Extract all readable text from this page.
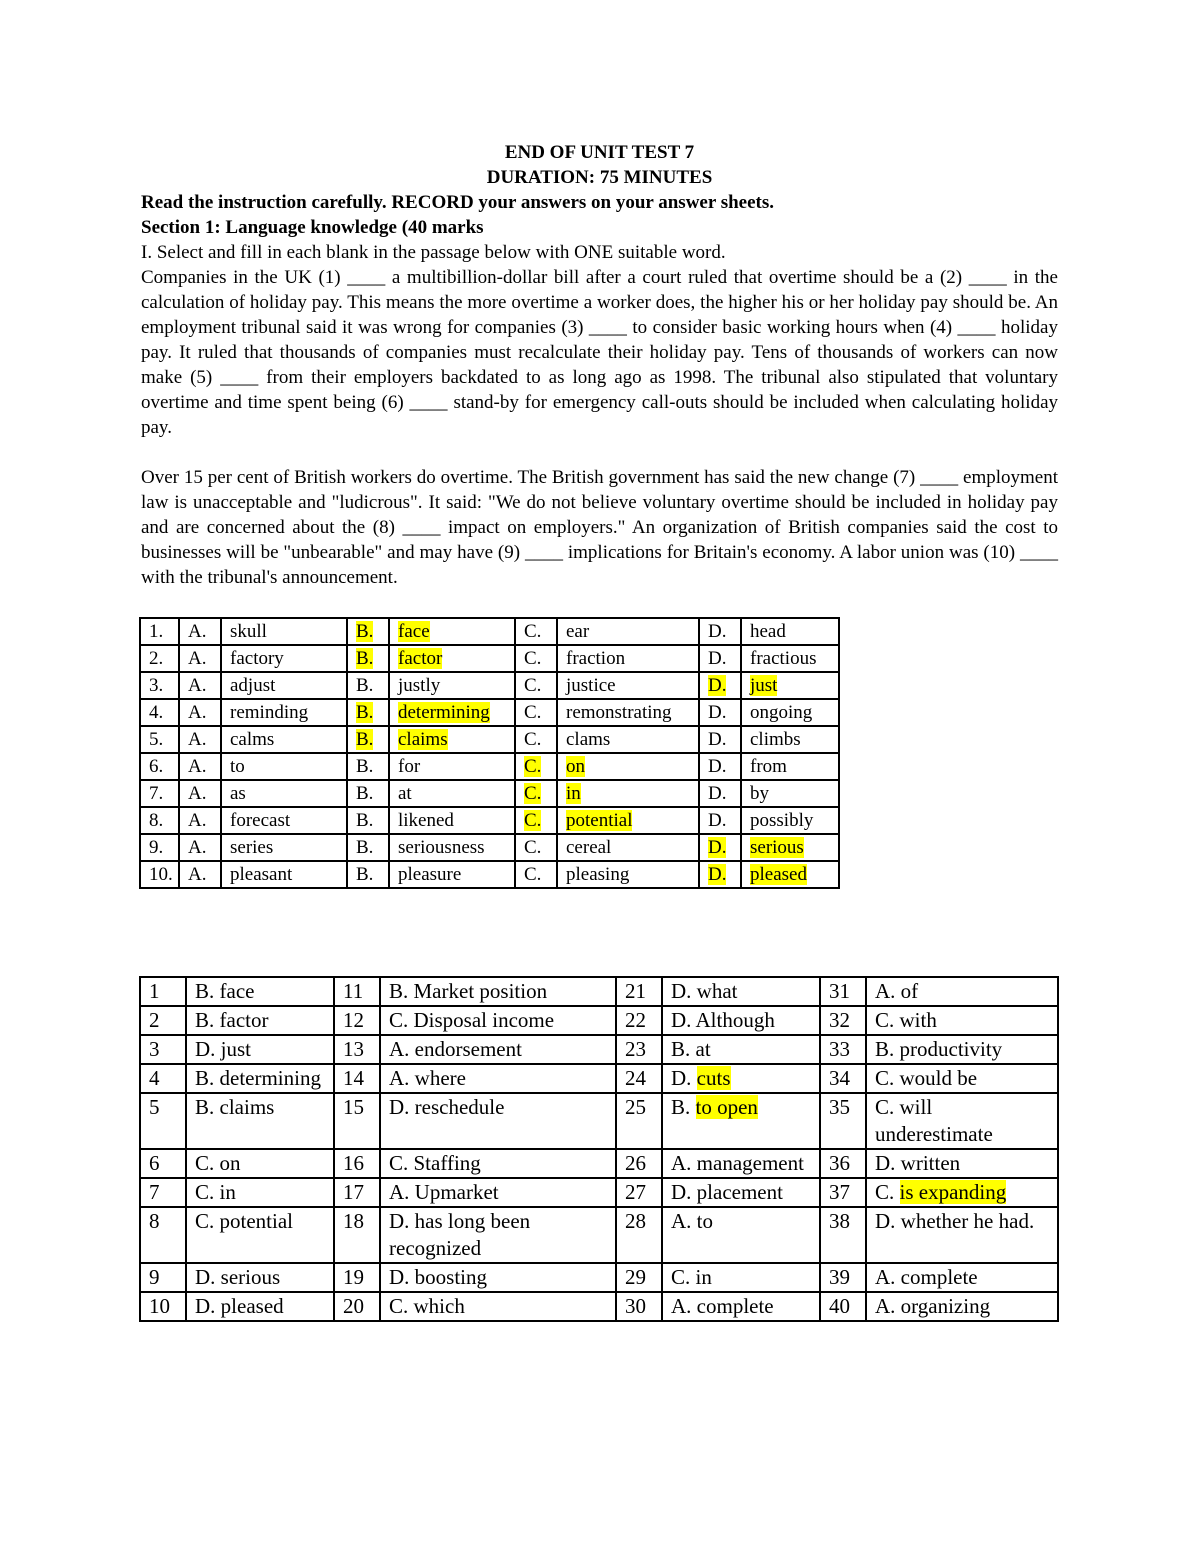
END OF UNIT TEST 7
DURATION: 75 MINUTES
Read the instruction carefully. RECORD your answers on your answer sheets.
Section 1: Language knowledge (40 marks
I. Select and fill in each blank in the passage below with ONE suitable word.

Companies in the UK (1) ____ a multibillion-dollar bill after a court ruled that overtime should be a (2) ____ in the calculation of holiday pay. This means the more overtime a worker does, the higher his or her holiday pay should be. An employment tribunal said it was wrong for companies (3) ____ to consider basic working hours when (4) ____ holiday pay. It ruled that thousands of companies must recalculate their holiday pay. Tens of thousands of workers can now make (5) ____ from their employers backdated to as long ago as 1998. The tribunal also stipulated that voluntary overtime and time spent being (6) ____ stand-by for emergency call-outs should be included when calculating holiday pay.

Over 15 per cent of British workers do overtime. The British government has said the new change (7) ____ employment law is unacceptable and "ludicrous". It said: "We do not believe voluntary overtime should be included in holiday pay and are concerned about the (8) ____ impact on employers." An organization of British companies said the cost to businesses will be "unbearable" and may have (9) ____ implications for Britain's economy. A labor union was (10) ____ with the tribunal's announcement.

1.	A.	skull	B.	face	C.	ear	D.	head
2.	A.	factory	B.	factor	C.	fraction	D.	fractious
3.	A.	adjust	B.	justly	C.	justice	D.	just
4.	A.	reminding	B.	determining	C.	remonstrating	D.	ongoing
5.	A.	calms	B.	claims	C.	clams	D.	climbs
6.	A.	to	B.	for	C.	on	D.	from
7.	A.	as	B.	at	C.	in	D.	by
8.	A.	forecast	B.	likened	C.	potential	D.	possibly
9.	A.	series	B.	seriousness	C.	cereal	D.	serious
10.	A.	pleasant	B.	pleasure	C.	pleasing	D.	pleased
1	B. face	11	B. Market position	21	D. what	31	A. of
2	B. factor	12	C. Disposal income	22	D. Although	32	C. with
3	D. just	13	A. endorsement	23	B. at	33	B. productivity
4	B. determining	14	A. where	24	D. cuts	34	C. would be
5	B. claims	15	D. reschedule	25	B. to open	35	C. will underestimate
6	C. on	16	C. Staffing	26	A. management	36	D. written
7	C. in	17	A. Upmarket	27	D. placement	37	C. is expanding
8	C. potential	18	D. has long been recognized	28	A. to	38	D. whether he had.
9	D. serious	19	D. boosting	29	C. in	39	A. complete
10	D. pleased	20	C. which	30	A. complete	40	A. organizing
